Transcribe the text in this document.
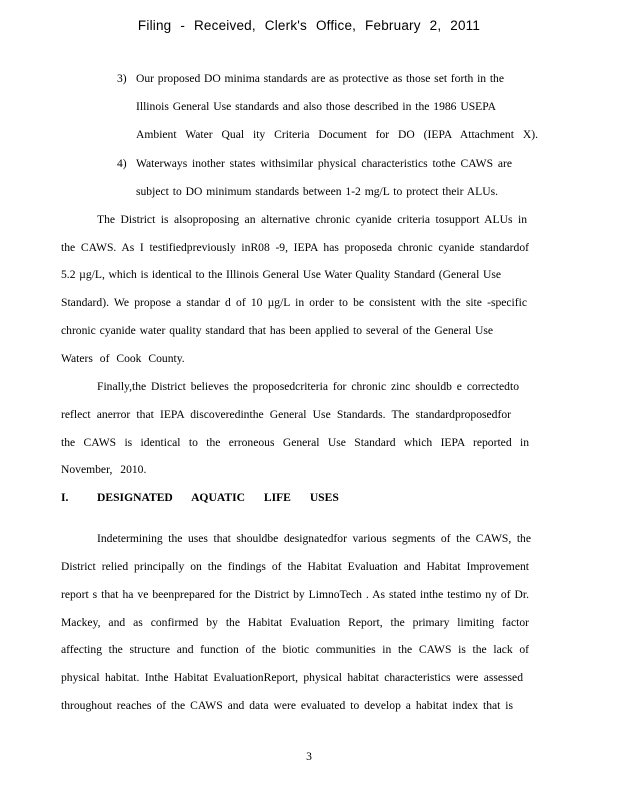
Filing - Received, Clerk's Office, February 2, 2011
3) Our proposed DO minima standards are as protective as those set forth in the
Illinois General Use standards and also those described in the 1986 USEPA
Ambient Water Qual ity Criteria Document for DO (IEPA Attachment X).
4) Waterways inother states withsimilar physical characteristics tothe CAWS are
subject to DO minimum standards between 1-2 mg/L to protect their ALUs.
The District is alsoproposing an alternative chronic cyanide criteria tosupport ALUs in
the CAWS. As I testifiedpreviously inR08 -9, IEPA has proposeda chronic cyanide standardof
5.2 µg/L, which is identical to the Illinois General Use Water Quality Standard (General Use
Standard). We propose a standar d of 10 µg/L in order to be consistent with the site -specific
chronic cyanide water quality standard that has been applied to several of the General Use
Waters of Cook County.
Finally,the District believes the proposedcriteria for chronic zinc shouldb e correctedto
reflect anerror that IEPA discoveredinthe General Use Standards. The standardproposedfor
the CAWS is identical to the erroneous General Use Standard which IEPA reported in
November, 2010.
I. DESIGNATED AQUATIC LIFE USES
Indetermining the uses that shouldbe designatedfor various segments of the CAWS, the
District relied principally on the findings of the Habitat Evaluation and Habitat Improvement
report s that ha ve beenprepared for the District by LimnoTech . As stated inthe testimo ny of Dr.
Mackey, and as confirmed by the Habitat Evaluation Report, the primary limiting factor
affecting the structure and function of the biotic communities in the CAWS is the lack of
physical habitat. Inthe Habitat EvaluationReport, physical habitat characteristics were assessed
throughout reaches of the CAWS and data were evaluated to develop a habitat index that is
3
